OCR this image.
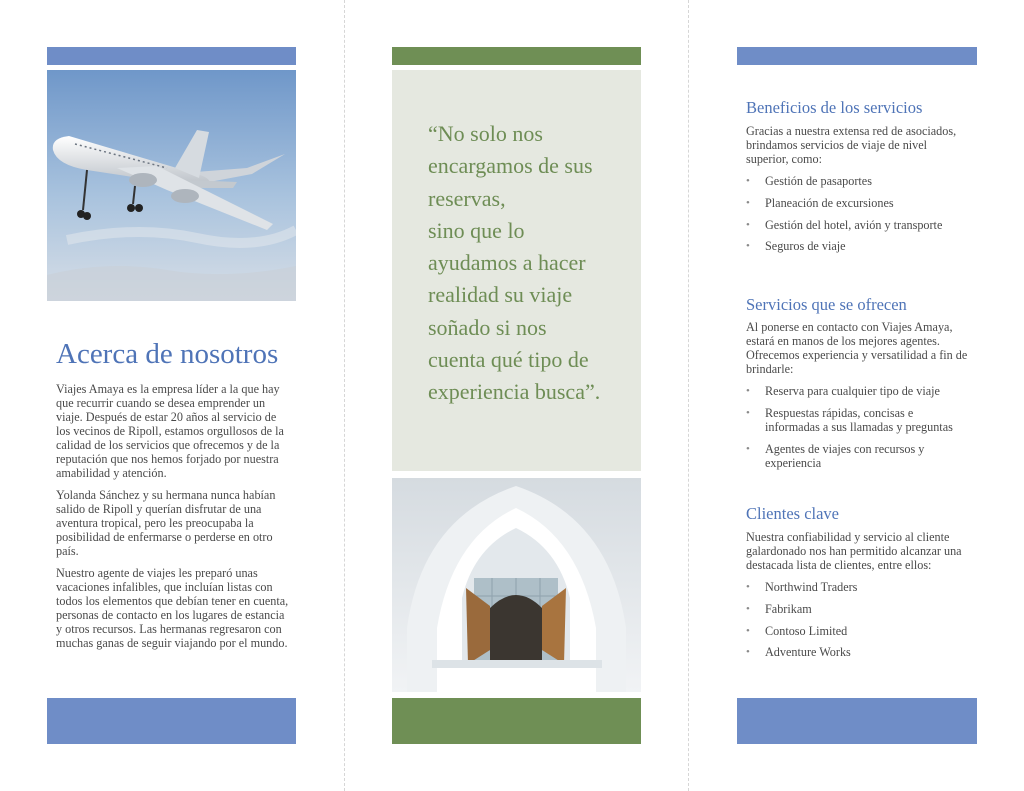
Acerca de nosotros

Viajes Amaya es la empresa líder a la que hay que recurrir cuando se desea emprender un viaje. Después de estar 20 años al servicio de los vecinos de Ripoll, estamos orgullosos de la calidad de los servicios que ofrecemos y de la reputación que nos hemos forjado por nuestra amabilidad y atención.

Yolanda Sánchez y su hermana nunca habían salido de Ripoll y querían disfrutar de una aventura tropical, pero les preocupaba la posibilidad de enfermarse o perderse en otro país.

Nuestro agente de viajes les preparó unas vacaciones infalibles, que incluían listas con todos los elementos que debían tener en cuenta, personas de contacto en los lugares de estancia y otros recursos. Las hermanas regresaron con muchas ganas de seguir viajando por el mundo.

“No solo nos
encargamos de sus
reservas,
sino que lo
ayudamos a hacer
realidad su viaje
soñado si nos
cuenta qué tipo de
experiencia busca”.

Beneficios de los servicios

Gracias a nuestra extensa red de asociados, brindamos servicios de viaje de nivel superior, como:

• Gestión de pasaportes
• Planeación de excursiones
• Gestión del hotel, avión y transporte
• Seguros de viaje
Servicios que se ofrecen

Al ponerse en contacto con Viajes Amaya, estará en manos de los mejores agentes. Ofrecemos experiencia y versatilidad a fin de brindarle:

• Reserva para cualquier tipo de viaje
• Respuestas rápidas, concisas e informadas a sus llamadas y preguntas
• Agentes de viajes con recursos y experiencia
Clientes clave

Nuestra confiabilidad y servicio al cliente galardonado nos han permitido alcanzar una destacada lista de clientes, entre ellos:

• Northwind Traders
• Fabrikam
• Contoso Limited
• Adventure Works
